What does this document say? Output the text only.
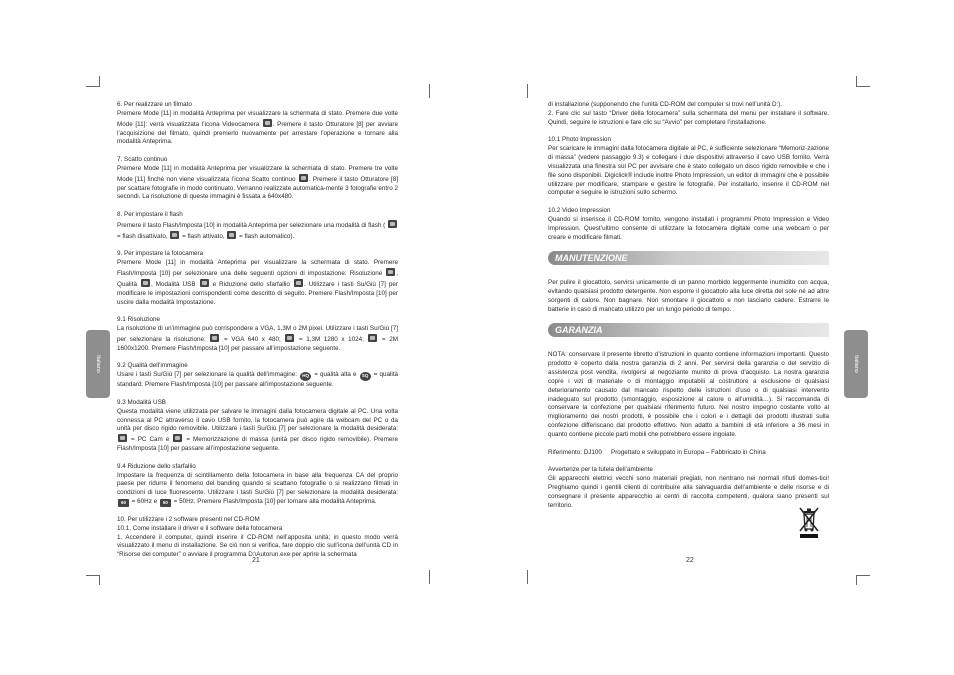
Italiano	Italiano

6. Per realizzare un filmato
Premere Mode [11] in modalità Anteprima per visualizzare la schermata di stato. Premere due volte Mode [11]: verrà visualizzata l’icona Videocamera . Premere il tasto Otturatore [8] per avviare l’acquisizione del filmato, quindi premerlo nuovamente per arrestare l’operazione e tornare alla modalità Anteprima.

7. Scatto continuo
Premere Mode [11] in modalità Anteprima per visualizzare la schermata di stato. Premere tre volte Mode [11] finché non viene visualizzata l’icona Scatto continuo . Premere il tasto Otturatore [8] per scattare fotografie in modo continuato. Verranno realizzate automatica-mente 3 fotografie entro 2 secondi. La risoluzione di queste immagini è fissata a 640x480.

8. Per impostare il flash
Premere il tasto Flash/Imposta [10] in modalità Anteprima per selezionare una modalità di flash (  = flash disattivato, = flash attivato, = flash automatico).

9. Per impostare la fotocamera
Premere Mode [11] in modalità Anteprima per visualizzare la schermata di stato. Premere Flash/Imposta [10] per selezionare una delle seguenti opzioni di impostazione: Risoluzione , Qualità , Modalità USB	e Riduzione dello sfarfallio . Utilizzare i tasti Su/Giù [7] per modificare le impostazioni corrispondenti come descritto di seguito. Premere Flash/Imposta [10] per uscire dalla modalità Impostazione.

9.1 Risoluzione
La risoluzione di un’immagine può corrispondere a VGA, 1,3M o 2M pixel. Utilizzare i tasti Su/Giù [7] per selezionare la risoluzione:	= VGA 640 x 480;	= 1,3M 1280 x 1024;	= 2M 1600x1200. Premere Flash/Imposta [10] per passare all’impostazione seguente.

9.2 Qualità dell’immagine
Usare i tasti Su/Giù [7] per selezionare la qualità dell’immagine: HQ = qualità alta e SQ = qualità standard. Premere Flash/Imposta [10] per passare all’impostazione seguente.

9.3 Modalità USB
Questa modalità viene utilizzata per salvare le immagini dalla fotocamera digitale al PC. Una volta connessa al PC attraverso il cavo USB fornito, la fotocamera può agire da webcam del PC o da unità per disco rigido removibile. Utilizzare i tasti Su/Giù [7] per selezionare la modalità desiderata:  = PC Cam e	= Memorizzazione di massa (unità per disco rigido removibile). Premere Flash/Imposta [10] per passare all’impostazione seguente.

9.4 Riduzione dello sfarfallio
Impostare la frequenza di scintillamento della fotocamera in base alla frequenza CA del proprio paese per ridurre il fenomeno del banding quando si scattano fotografie o si realizzano filmati in condizioni di luce fluorescente. Utilizzare i tasti Su/Giù [7] per selezionare la modalità desiderata: 60 = 60Hz e 50 = 50Hz. Premere Flash/Imposta [10] per tornare alla modalità Anteprima.

10. Per utilizzare i 2 software presenti nel CD-ROM
10.1. Come installare il driver e il software della fotocamera
1. Accendere il computer, quindi inserire il CD-ROM nell’apposita unità; in questo modo verrà visualizzato il menu di installazione. Se ciò non si verifica, fare doppio clic sull’icona dell’unità CD in “Risorse del computer” o avviare il programma D:\Autorun.exe per aprire la schermata

21

di installazione (supponendo che l’unità CD-ROM del computer si trovi nell’unità D:).
2. Fare clic sul tasto “Driver della fotocamera” sulla schermata del menu per installare il software. Quindi, seguire le istruzioni e fare clic su “Avvio” per completare l’installazione.

10.1 Photo Impression
Per scaricare le immagini dalla fotocamera digitale al PC, è sufficiente selezionare “Memoriz-zazione di massa” (vedere passaggio 9.3) e collegare i due dispositivi attraverso il cavo USB fornito. Verrà visualizzata una finestra sul PC per avvisare che è stato collegato un disco rigido removibile e che i file sono disponibili. Digiclick® include inoltre Photo Impression, un editor di immagini che è possibile utilizzare per modificare, stampare e gestire le fotografie. Per installarlo, inserire il CD-ROM nel computer e seguire le istruzioni sullo schermo.

10.2 Video Impression
Quando si inserisce il CD-ROM fornito, vengono installati i programmi Photo Impression e Video Impression. Quest’ultimo consente di utilizzare la fotocamera digitale come una webcam o per creare e modificare filmati.

MANUTENZIONE

Per pulire il giocattolo, servirsi unicamente di un panno morbido leggermente inumidito con acqua, evitando qualsiasi prodotto detergente. Non esporre il giocattolo alla luce diretta del sole né ad altre sorgenti di calore. Non bagnare. Non smontare il giocattolo e non lasciarlo cadere. Estrarre le batterie in caso di mancato utilizzo per un lungo periodo di tempo.

GARANZIA

NOTA: conservare il presente libretto d’istruzioni in quanto contiene informazioni importanti. Questo prodotto è coperto dalla nostra garanzia di 2 anni. Per servirsi della garanzia o del servizio di assistenza post vendita, rivolgersi al negoziante munito di prova d’acquisto. La nostra garanzia copre i vizi di materiale o di montaggio imputabili al costruttore a esclusione di qualsiasi deterioramento causato dal mancato rispetto delle istruzioni d’uso o di qualsiasi intervento inadeguato sul prodotto (smontaggio, esposizione al calore o all’umidità…). Si raccomanda di conservare la confezione per qualsiasi riferimento futuro. Nel nostro impegno costante volto al miglioramento dei nostri prodotti, è possibile che i colori e i dettagli dei prodotti illustrati sulla confezione differiscano dal prodotto effettivo. Non adatto a bambini di età inferiore a 36 mesi in quanto contiene piccole parti mobili che potrebbero essere ingoiate.

Riferimento: DJ100 Progettato e sviluppato in Europa – Fabbricato in China

Avvertenze per la tutela dell’ambiente
Gli apparecchi elettrici vecchi sono materiali pregiati, non rientrano nei normali rifiuti domes-tici! Preghiamo quindi i gentili clienti di contribuire alla salvaguardia dell’ambiente e delle risorse e di consegnare il presente apparecchio ai centri di raccolta competenti, qualora siano presenti sul territorio.

22
